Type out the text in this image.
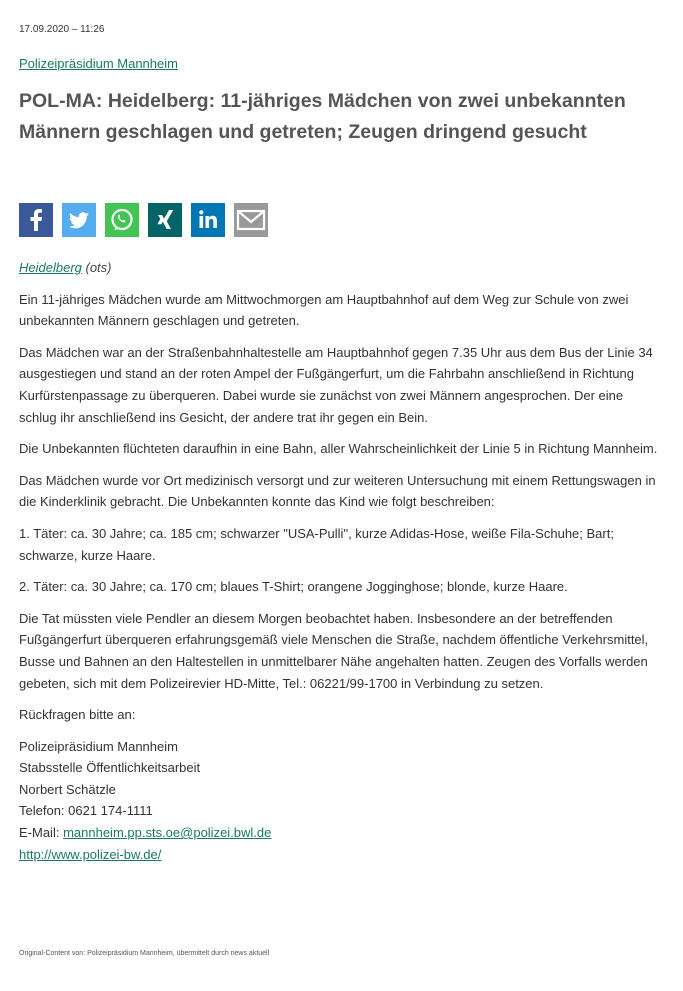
17.09.2020 – 11:26
Polizeipräsidium Mannheim
POL-MA: Heidelberg: 11-jähriges Mädchen von zwei unbekannten Männern geschlagen und getreten; Zeugen dringend gesucht

Heidelberg (ots)

Ein 11-jähriges Mädchen wurde am Mittwochmorgen am Hauptbahnhof auf dem Weg zur Schule von zwei unbekannten Männern geschlagen und getreten.

Das Mädchen war an der Straßenbahnhaltestelle am Hauptbahnhof gegen 7.35 Uhr aus dem Bus der Linie 34 ausgestiegen und stand an der roten Ampel der Fußgängerfurt, um die Fahrbahn anschließend in Richtung Kurfürstenpassage zu überqueren. Dabei wurde sie zunächst von zwei Männern angesprochen. Der eine schlug ihr anschließend ins Gesicht, der andere trat ihr gegen ein Bein.

Die Unbekannten flüchteten daraufhin in eine Bahn, aller Wahrscheinlichkeit der Linie 5 in Richtung Mannheim.

Das Mädchen wurde vor Ort medizinisch versorgt und zur weiteren Untersuchung mit einem Rettungswagen in die Kinderklinik gebracht. Die Unbekannten konnte das Kind wie folgt beschreiben:

1. Täter: ca. 30 Jahre; ca. 185 cm; schwarzer "USA-Pulli", kurze Adidas-Hose, weiße Fila-Schuhe; Bart; schwarze, kurze Haare.

2. Täter: ca. 30 Jahre; ca. 170 cm; blaues T-Shirt; orangene Jogginghose; blonde, kurze Haare.

Die Tat müssten viele Pendler an diesem Morgen beobachtet haben. Insbesondere an der betreffenden Fußgängerfurt überqueren erfahrungsgemäß viele Menschen die Straße, nachdem öffentliche Verkehrsmittel, Busse und Bahnen an den Haltestellen in unmittelbarer Nähe angehalten hatten. Zeugen des Vorfalls werden gebeten, sich mit dem Polizeirevier HD-Mitte, Tel.: 06221/99-1700 in Verbindung zu setzen.

Rückfragen bitte an:

Polizeipräsidium Mannheim

Stabsstelle Öffentlichkeitsarbeit

Norbert Schätzle

Telefon: 0621 174-1111

E-Mail: mannheim.pp.sts.oe@polizei.bwl.de

http://www.polizei-bw.de/

Original-Content von: Polizeipräsidium Mannheim, übermittelt durch news aktuell
